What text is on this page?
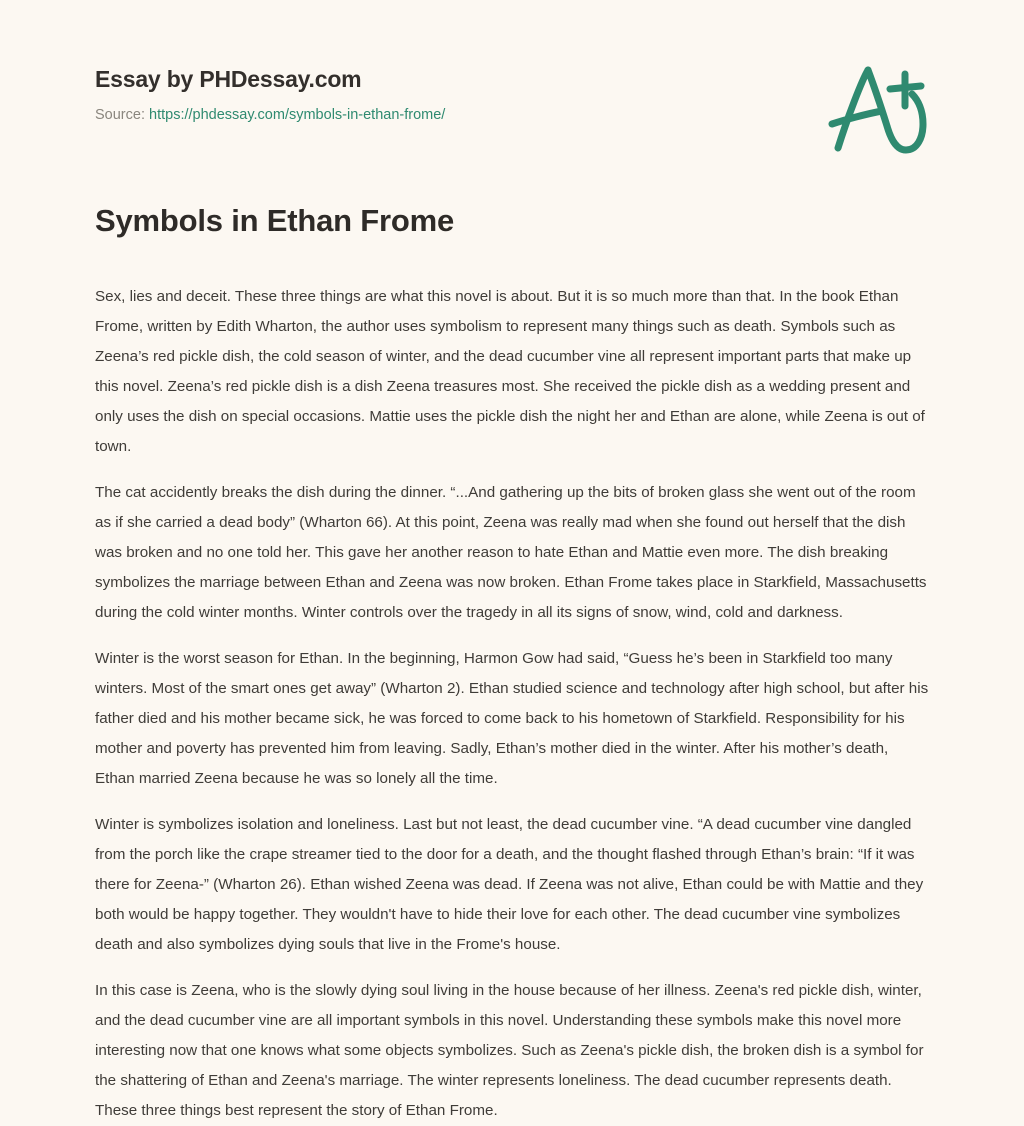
Essay by PHDessay.com
Source: https://phdessay.com/symbols-in-ethan-frome/
Symbols in Ethan Frome

Sex, lies and deceit. These three things are what this novel is about. But it is so much more than that. In the book Ethan Frome, written by Edith Wharton, the author uses symbolism to represent many things such as death. Symbols such as Zeena’s red pickle dish, the cold season of winter, and the dead cucumber vine all represent important parts that make up this novel. Zeena’s red pickle dish is a dish Zeena treasures most. She received the pickle dish as a wedding present and only uses the dish on special occasions. Mattie uses the pickle dish the night her and Ethan are alone, while Zeena is out of town.

The cat accidently breaks the dish during the dinner. “...And gathering up the bits of broken glass she went out of the room as if she carried a dead body” (Wharton 66). At this point, Zeena was really mad when she found out herself that the dish was broken and no one told her. This gave her another reason to hate Ethan and Mattie even more. The dish breaking symbolizes the marriage between Ethan and Zeena was now broken. Ethan Frome takes place in Starkfield, Massachusetts during the cold winter months. Winter controls over the tragedy in all its signs of snow, wind, cold and darkness.

Winter is the worst season for Ethan. In the beginning, Harmon Gow had said, “Guess he’s been in Starkfield too many winters. Most of the smart ones get away” (Wharton 2). Ethan studied science and technology after high school, but after his father died and his mother became sick, he was forced to come back to his hometown of Starkfield. Responsibility for his mother and poverty has prevented him from leaving. Sadly, Ethan’s mother died in the winter. After his mother’s death, Ethan married Zeena because he was so lonely all the time.

Winter is symbolizes isolation and loneliness. Last but not least, the dead cucumber vine. “A dead cucumber vine dangled from the porch like the crape streamer tied to the door for a death, and the thought flashed through Ethan’s brain: “If it was there for Zeena-” (Wharton 26). Ethan wished Zeena was dead. If Zeena was not alive, Ethan could be with Mattie and they both would be happy together. They wouldn't have to hide their love for each other. The dead cucumber vine symbolizes death and also symbolizes dying souls that live in the Frome's house.

In this case is Zeena, who is the slowly dying soul living in the house because of her illness. Zeena's red pickle dish, winter, and the dead cucumber vine are all important symbols in this novel. Understanding these symbols make this novel more interesting now that one knows what some objects symbolizes. Such as Zeena's pickle dish, the broken dish is a symbol for the shattering of Ethan and Zeena's marriage. The winter represents loneliness. The dead cucumber represents death. These three things best represent the story of Ethan Frome.
